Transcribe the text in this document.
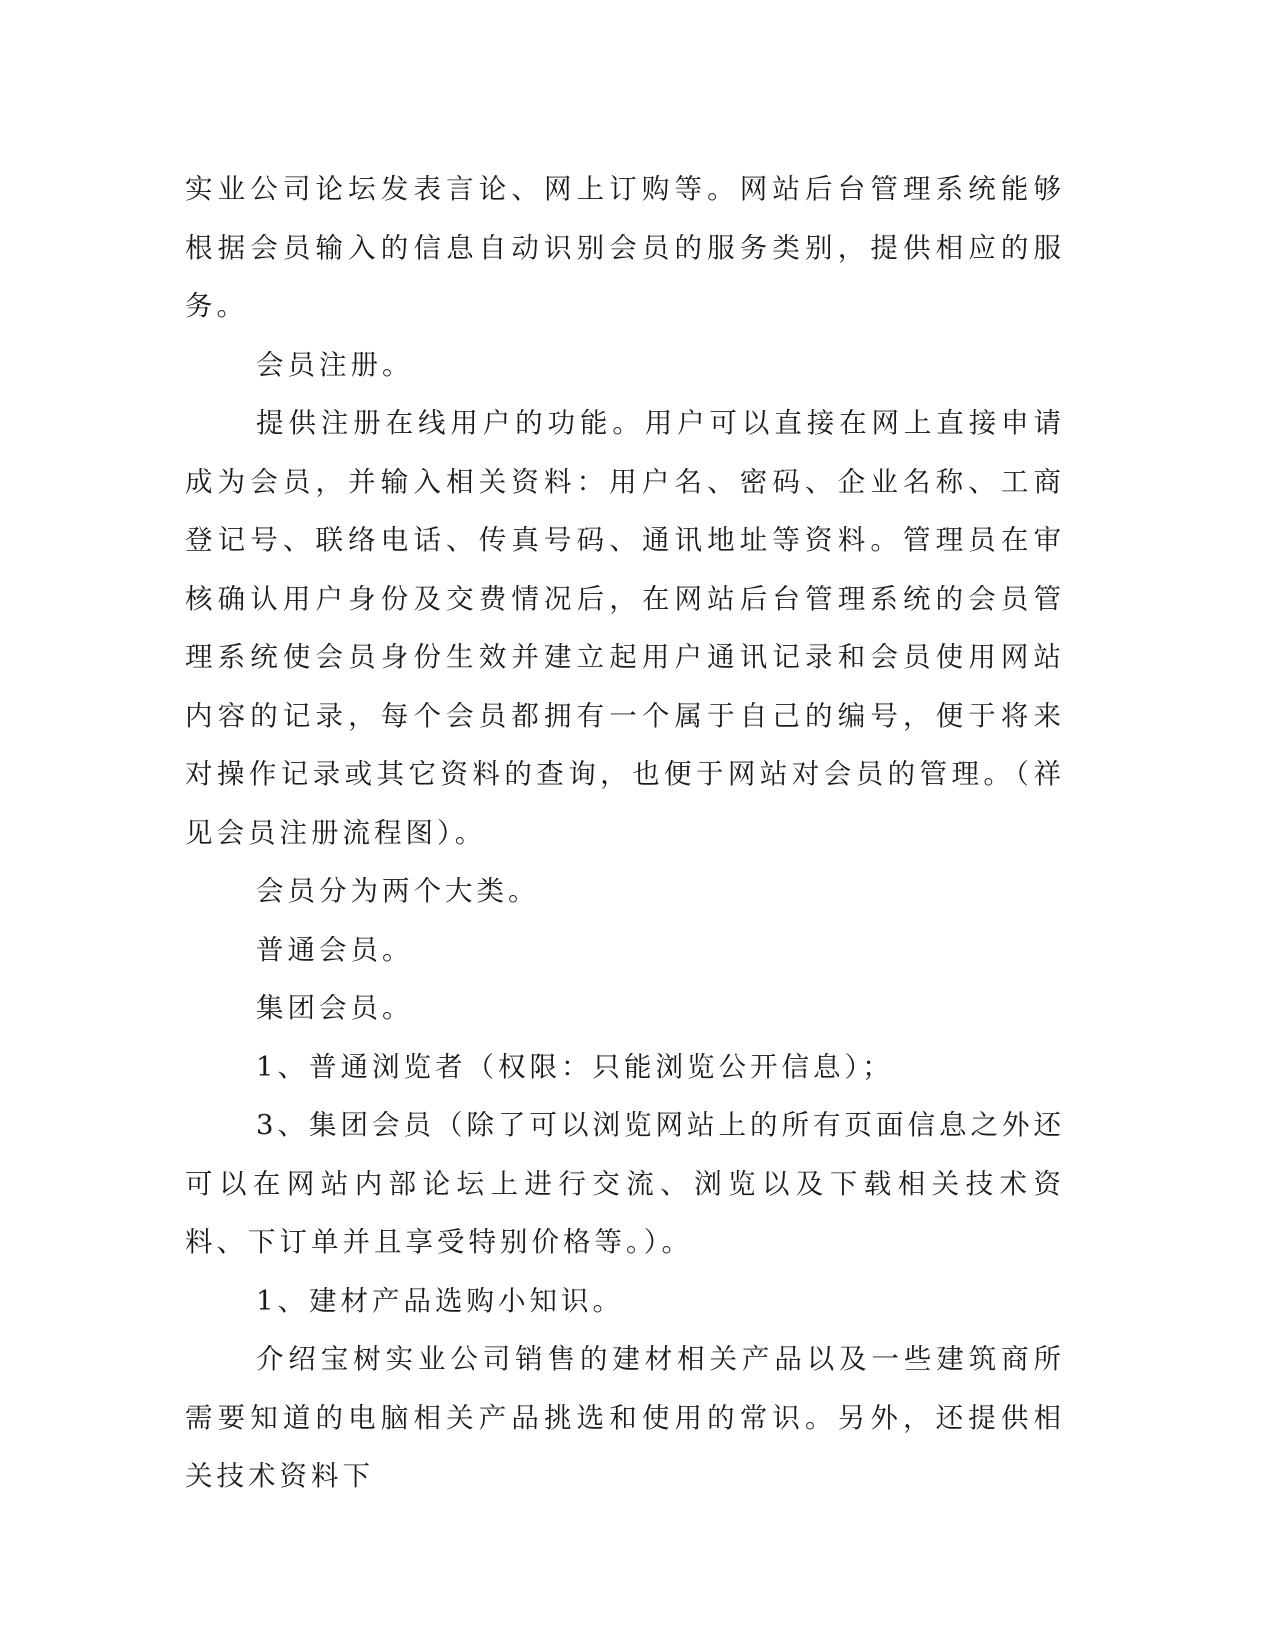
实业公司论坛发表言论、网上订购等。网站后台管理系统能够根据会员输入的信息自动识别会员的服务类别，提供相应的服务。

会员注册。

提供注册在线用户的功能。用户可以直接在网上直接申请成为会员，并输入相关资料：用户名、密码、企业名称、工商登记号、联络电话、传真号码、通讯地址等资料。管理员在审核确认用户身份及交费情况后，在网站后台管理系统的会员管理系统使会员身份生效并建立起用户通讯记录和会员使用网站内容的记录，每个会员都拥有一个属于自己的编号，便于将来对操作记录或其它资料的查询，也便于网站对会员的管理。（祥见会员注册流程图）。

会员分为两个大类。

普通会员。

集团会员。

1、普通浏览者（权限：只能浏览公开信息）；

3、集团会员（除了可以浏览网站上的所有页面信息之外还可以在网站内部论坛上进行交流、浏览以及下载相关技术资料、下订单并且享受特别价格等。）。

1、建材产品选购小知识。

介绍宝树实业公司销售的建材相关产品以及一些建筑商所需要知道的电脑相关产品挑选和使用的常识。另外，还提供相关技术资料下
